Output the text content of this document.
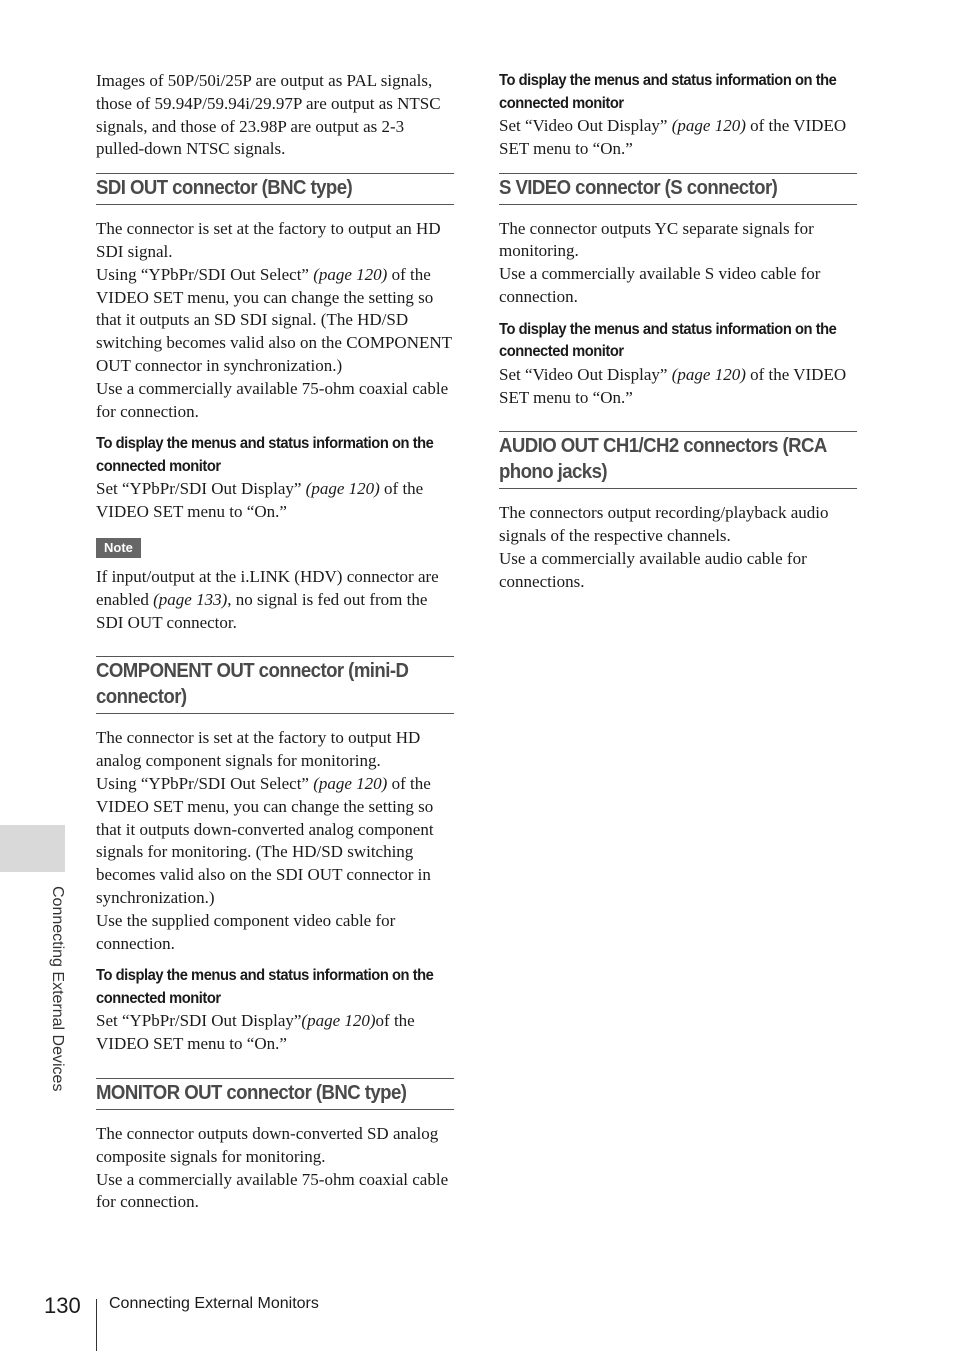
Images of 50P/50i/25P are output as PAL signals, those of 59.94P/59.94i/29.97P are output as NTSC signals, and those of 23.98P are output as 2-3 pulled-down NTSC signals.

SDI OUT connector (BNC type)

The connector is set at the factory to output an HD SDI signal.

Using “YPbPr/SDI Out Select” (page 120) of the VIDEO SET menu, you can change the setting so that it outputs an SD SDI signal. (The HD/SD switching becomes valid also on the COMPONENT OUT connector in synchronization.)

Use a commercially available 75-ohm coaxial cable for connection.

To display the menus and status information on the connected monitor

Set “YPbPr/SDI Out Display” (page 120) of the VIDEO SET menu to “On.”

Note

If input/output at the i.LINK (HDV) connector are enabled (page 133), no signal is fed out from the SDI OUT connector.

COMPONENT OUT connector (mini-D connector)

The connector is set at the factory to output HD analog component signals for monitoring.

Using “YPbPr/SDI Out Select” (page 120) of the VIDEO SET menu, you can change the setting so that it outputs down-converted analog component signals for monitoring. (The HD/SD switching becomes valid also on the SDI OUT connector in synchronization.)

Use the supplied component video cable for connection.

To display the menus and status information on the connected monitor

Set “YPbPr/SDI Out Display”(page 120)of the VIDEO SET menu to “On.”

MONITOR OUT connector (BNC type)

The connector outputs down-converted SD analog composite signals for monitoring.

Use a commercially available 75-ohm coaxial cable for connection.

To display the menus and status information on the connected monitor

Set “Video Out Display” (page 120) of the VIDEO SET menu to “On.”

S VIDEO connector (S connector)

The connector outputs YC separate signals for monitoring.

Use a commercially available S video cable for connection.

To display the menus and status information on the connected monitor

Set “Video Out Display” (page 120) of the VIDEO SET menu to “On.”

AUDIO OUT CH1/CH2 connectors (RCA phono jacks)

The connectors output recording/playback audio signals of the respective channels.

Use a commercially available audio cable for connections.

Connecting External Devices
130 Connecting External Monitors
